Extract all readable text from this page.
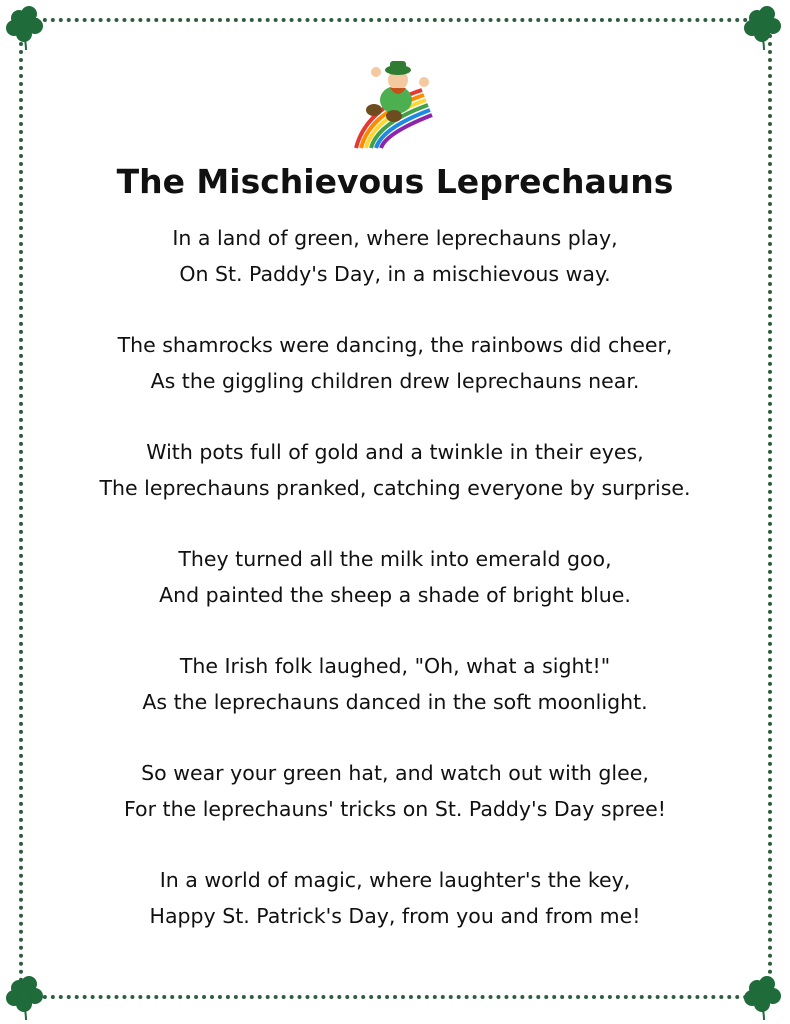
The Mischievous Leprechauns
In a land of green, where leprechauns play,
On St. Paddy's Day, in a mischievous way.
The shamrocks were dancing, the rainbows did cheer,
As the giggling children drew leprechauns near.
With pots full of gold and a twinkle in their eyes,
The leprechauns pranked, catching everyone by surprise.
They turned all the milk into emerald goo,
And painted the sheep a shade of bright blue.
The Irish folk laughed, "Oh, what a sight!"
As the leprechauns danced in the soft moonlight.
So wear your green hat, and watch out with glee,
For the leprechauns' tricks on St. Paddy's Day spree!
In a world of magic, where laughter's the key,
Happy St. Patrick's Day, from you and from me!
